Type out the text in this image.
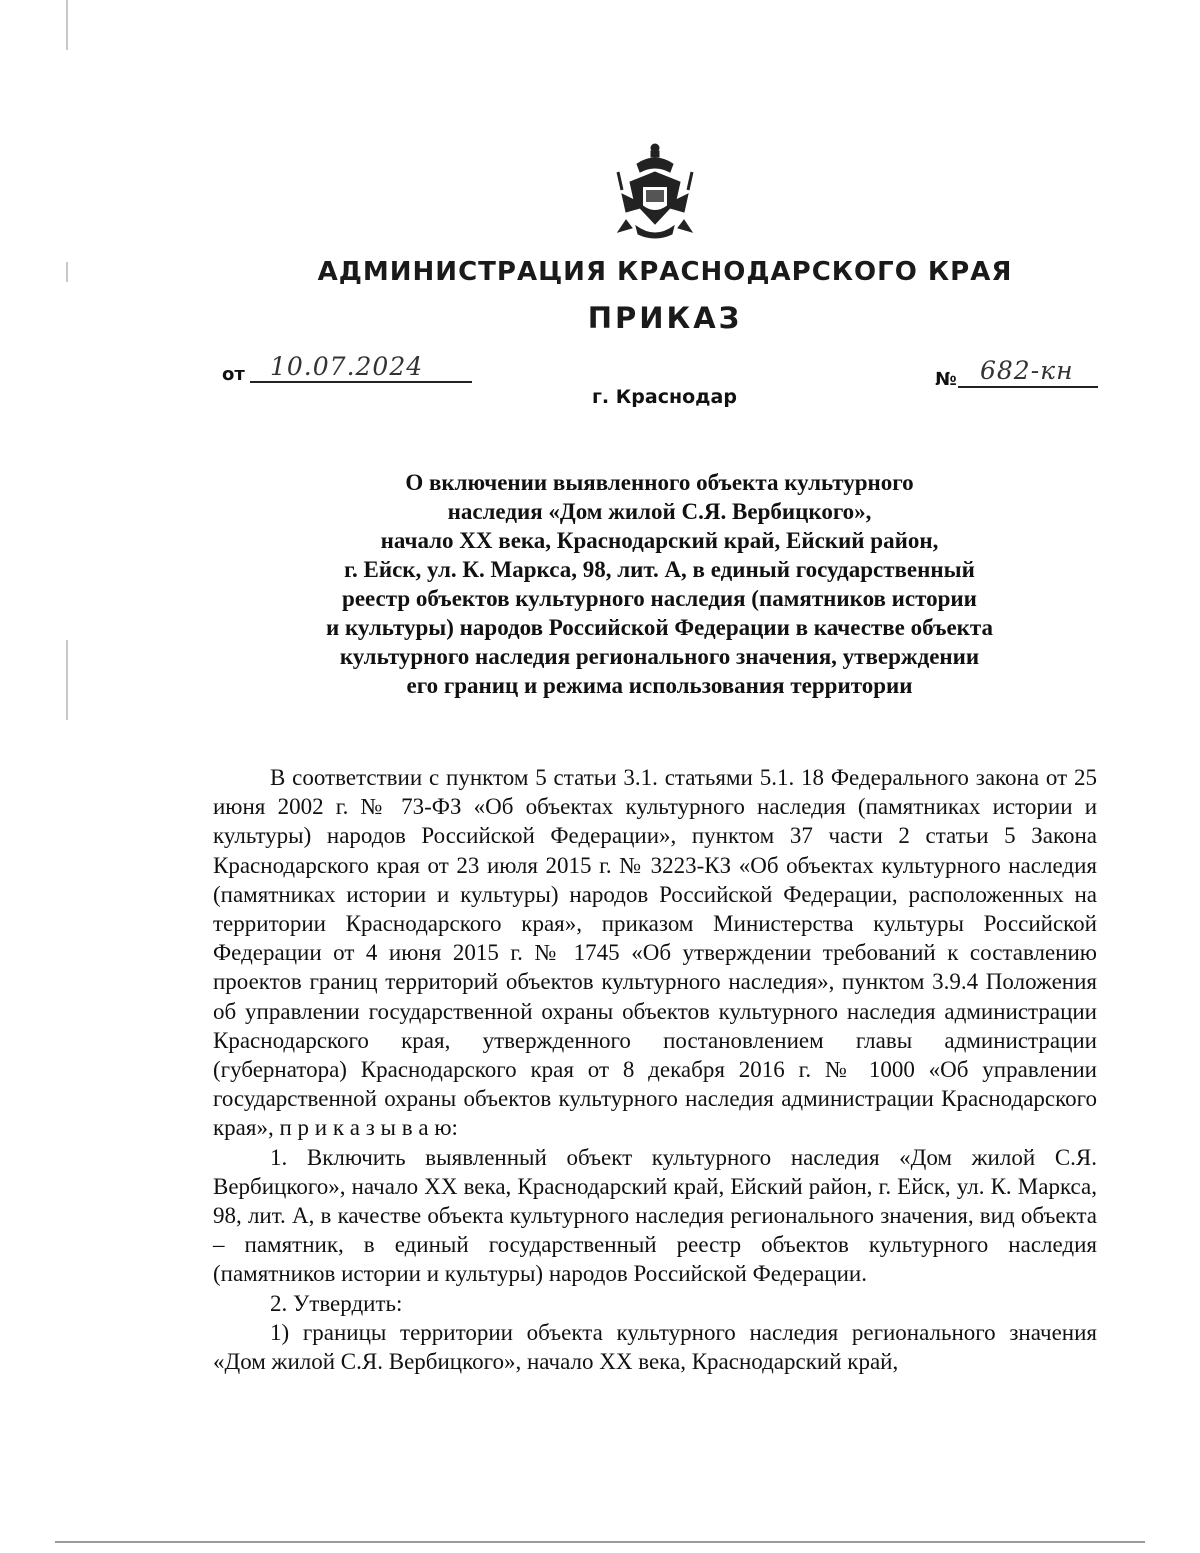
АДМИНИСТРАЦИЯ КРАСНОДАРСКОГО КРАЯ
ПРИКАЗ
от 10.07.2024	№ 682-кн
г. Краснодар
О включении выявленного объекта культурного
наследия «Дом жилой С.Я. Вербицкого»,
начало XX века, Краснодарский край, Ейский район,
г. Ейск, ул. К. Маркса, 98, лит. А, в единый государственный
реестр объектов культурного наследия (памятников истории
и культуры) народов Российской Федерации в качестве объекта
культурного наследия регионального значения, утверждении
его границ и режима использования территории

В соответствии с пунктом 5 статьи 3.1. статьями 5.1. 18 Федерального закона от 25 июня 2002 г. № 73-ФЗ «Об объектах культурного наследия (памятниках истории и культуры) народов Российской Федерации», пунктом 37 части 2 статьи 5 Закона Краснодарского края от 23 июля 2015 г. № 3223-КЗ «Об объектах культурного наследия (памятниках истории и культуры) народов Российской Федерации, расположенных на территории Краснодарского края», приказом Министерства культуры Российской Федерации от 4 июня 2015 г. № 1745 «Об утверждении требований к составлению проектов границ территорий объектов культурного наследия», пунктом 3.9.4 Положения об управлении государственной охраны объектов культурного наследия администрации Краснодарского края, утвержденного постановлением главы администрации (губернатора) Краснодарского края от 8 декабря 2016 г. № 1000 «Об управлении государственной охраны объектов культурного наследия администрации Краснодарского края», п р и к а з ы в а ю:

1. Включить выявленный объект культурного наследия «Дом жилой С.Я. Вербицкого», начало XX века, Краснодарский край, Ейский район, г. Ейск, ул. К. Маркса, 98, лит. А, в качестве объекта культурного наследия регионального значения, вид объекта – памятник, в единый государственный реестр объектов культурного наследия (памятников истории и культуры) народов Российской Федерации.

2. Утвердить:

1) границы территории объекта культурного наследия регионального значения «Дом жилой С.Я. Вербицкого», начало XX века, Краснодарский край,
